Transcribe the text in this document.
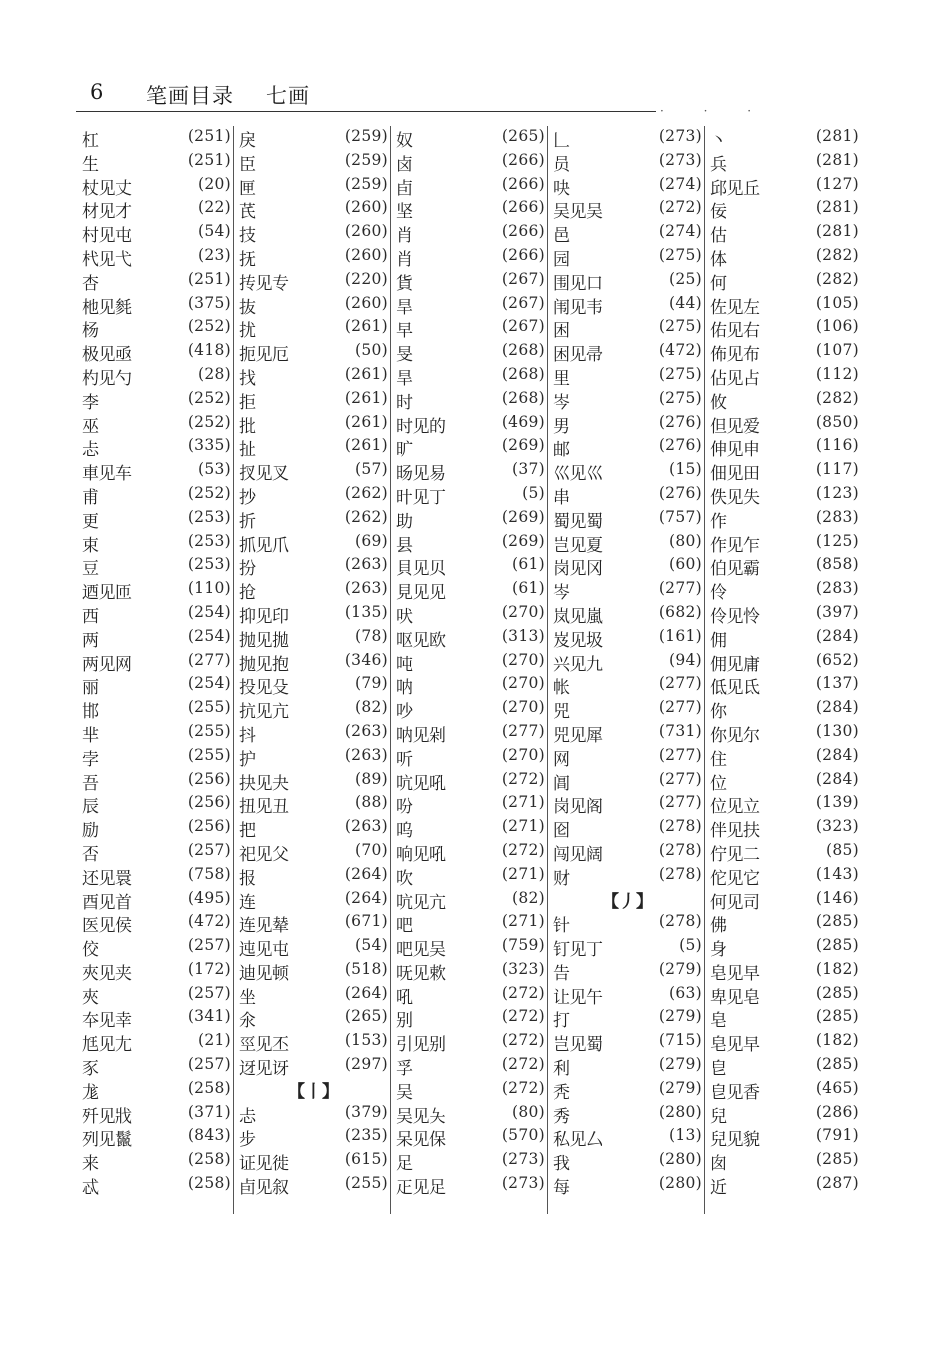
6 笔画目录 七画
· · ·
杠	(251)
生	(251)
杖见丈	(20)
材见才	(22)
村见屯	(54)
杙见弋	(23)
杏	(251)
杝见毵	(375)
杨	(252)
极见亟	(418)
杓见勺	(28)
李	(252)
巫	(252)
忐	(335)
車见车	(53)
甫	(252)
更	(253)
束	(253)
豆	(253)
迺见匝	(110)
西	(254)
两	(254)
两见网	(277)
丽	(254)
邯	(255)
芈	(255)
孛	(255)
吾	(256)
辰	(256)
励	(256)
否	(257)
还见睘	(758)
酉见首	(495)
医见侯	(472)
佼	(257)
夾见夹	(172)
夾	(257)
夲见幸	(341)
尪见尢	(21)
豕	(257)
尨	(258)
歼见戕	(371)
列见鬣	(843)
来	(258)
忒	(258)
戾	(259)
臣	(259)
匣	(259)
芪	(260)
技	(260)
抚	(260)
抟见专	(220)
抜	(260)
扰	(261)
扼见厄	(50)
找	(261)
拒	(261)
批	(261)
扯	(261)
扠见叉	(57)
抄	(262)
折	(262)
抓见爪	(69)
扮	(263)
抢	(263)
抑见印	(135)
抛见拋	(78)
抛见抱	(346)
投见殳	(79)
抗见亢	(82)
抖	(263)
护	(263)
抉见夬	(89)
扭见丑	(88)
把	(263)
祀见父	(70)
报	(264)
连	(264)
连见辇	(671)
迍见屯	(54)
迪见顿	(518)
坐	(264)
氽	(265)
巠见丕	(153)
迓见讶	(297)
【丨】
忐	(379)
步	(235)
证见徙	(615)
卣见叙	(255)
奴	(265)
卤	(266)
卣	(266)
坚	(266)
肖	(266)
肖	(266)
貨	(267)
旱	(267)
早	(267)
旻	(268)
旱	(268)
时	(268)
时见的	(469)
旷	(269)
旸见易	(37)
旪见丁	(5)
助	(269)
县	(269)
貝见贝	(61)
見见见	(61)
吠	(270)
呕见欧	(313)
吨	(270)
呐	(270)
吵	(270)
呐见剁	(277)
听	(270)
吭见吼	(272)
吩	(271)
呜	(271)
响见吼	(272)
吹	(271)
吭见亢	(82)
吧	(271)
吧见吴	(759)
呒见欶	(323)
吼	(272)
别	(272)
引见别	(272)
孚	(272)
吴	(272)
吴见夨	(80)
呆见保	(570)
足	(273)
𤴓见足	(273)
𠃊	(273)
员	(273)
吷	(274)
吴见吴	(272)
邑	(274)
园	(275)
围见口	(25)
闱见韦	(44)
困	(275)
困见帚	(472)
里	(275)
岑	(275)
男	(276)
邮	(276)
巛见巛	(15)
串	(276)
蜀见蜀	(757)
岂见夏	(80)
岗见冈	(60)
岑	(277)
岚见嵐	(682)
岌见圾	(161)
兴见九	(94)
帐	(277)
兕	(277)
兕见犀	(731)
网	(277)
阊	(277)
岗见阁	(277)
囵	(278)
闯见阔	(278)
财	(278)
【丿】
针	(278)
钉见丁	(5)
告	(279)
让见午	(63)
打	(279)
岂见蜀	(715)
利	(279)
秃	(279)
秀	(280)
私见厶	(13)
我	(280)
每	(280)
丶	(281)
兵	(281)
邱见丘	(127)
佞	(281)
估	(281)
体	(282)
何	(282)
佐见左	(105)
佑见右	(106)
佈见布	(107)
佔见占	(112)
攸	(282)
但见爱	(850)
伸见申	(116)
佃见田	(117)
佚见失	(123)
作	(283)
作见乍	(125)
伯见霸	(858)
伶	(283)
伶见怜	(397)
佣	(284)
佣见庸	(652)
低见氐	(137)
你	(284)
你见尔	(130)
住	(284)
位	(284)
位见立	(139)
伴见扶	(323)
佇见二	(85)
佗见它	(143)
何见司	(146)
佛	(285)
身	(285)
皂见早	(182)
卑见皂	(285)
皂	(285)
皂见早	(182)
皀	(285)
皀见香	(465)
兒	(286)
兒见貌	(791)
囱	(285)
近	(287)
